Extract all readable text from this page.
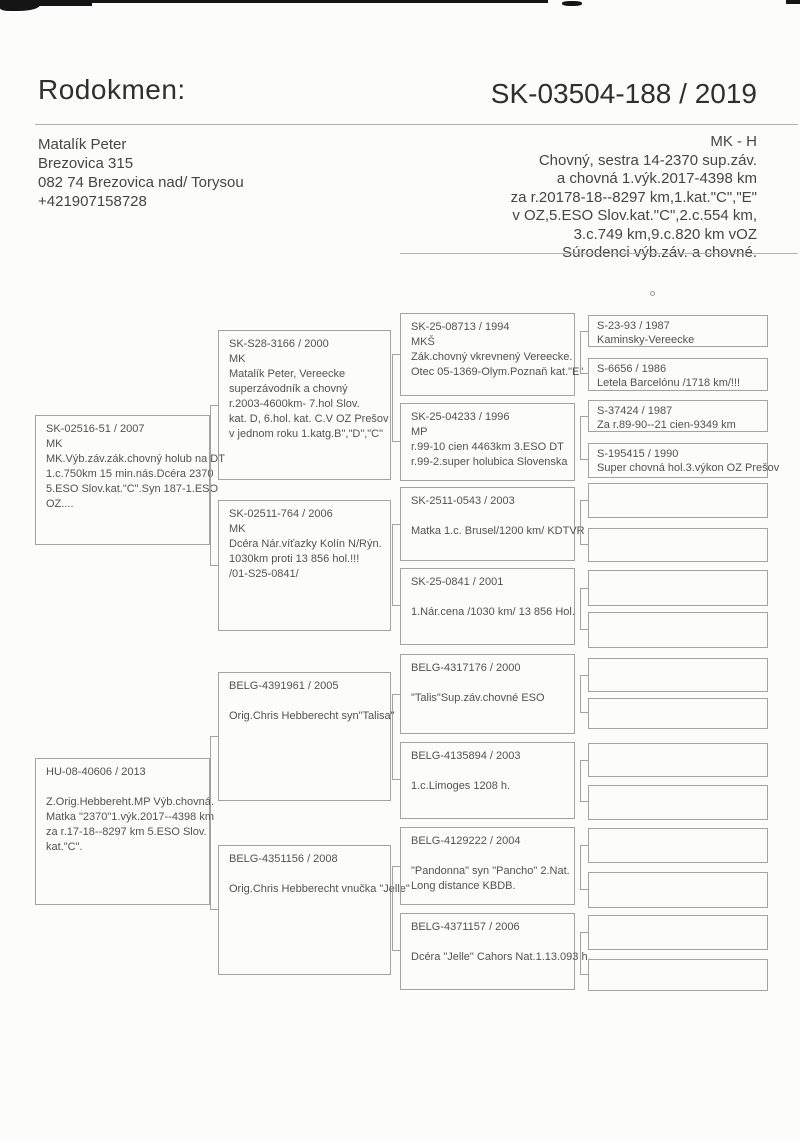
Rodokmen:	SK-03504-188 / 2019
Matalík Peter
Brezovica 315
082 74 Brezovica nad/ Torysou
+421907158728
MK - H
Chovný, sestra 14-2370 sup.záv.
a chovná 1.výk.2017-4398 km
za r.20178-18--8297 km,1.kat."C","E"
v OZ,5.ESO Slov.kat."C",2.c.554 km,
3.c.749 km,9.c.820 km vOZ
Súrodenci výb.záv. a chovné.
SK-02516-51 / 2007
MK
MK.Výb.záv.zák.chovný holub na DT
1.c.750km 15 min.nás.Dcéra 2370
5.ESO Slov.kat."C".Syn 187-1.ESO
OZ....
HU-08-40606 / 2013

Z.Orig.Hebbereht.MP Výb.chovná.
Matka "2370"1.výk.2017--4398 km
za r.17-18--8297 km 5.ESO Slov.
kat."C".
SK-S28-3166 / 2000
MK
Matalík Peter, Vereecke
superzávodník a chovný
r.2003-4600km- 7.hol Slov.
kat. D, 6.hol. kat. C.V OZ Prešov
v jednom roku 1.katg.B","D","C"
SK-02511-764 / 2006
MK
Dcéra Nár.víťazky Kolín N/Rýn.
1030km proti 13 856 hol.!!!
/01-S25-0841/
BELG-4391961 / 2005

Orig.Chris Hebberecht syn"Talisa"
BELG-4351156 / 2008

Orig.Chris Hebberecht vnučka "Jelle"
SK-25-08713 / 1994
MKŠ
Zák.chovný vkrevnený Vereecke.
Otec 05-1369-Olym.Poznaň kat."E"
SK-25-04233 / 1996
MP
r.99-10 cien 4463km 3.ESO DT
r.99-2.super holubica Slovenska
SK-2511-0543 / 2003

Matka 1.c. Brusel/1200 km/ KDTVR
SK-25-0841 / 2001

1.Nár.cena /1030 km/ 13 856 Hol.
BELG-4317176 / 2000

"Talis"Sup.záv.chovné ESO
BELG-4135894 / 2003

1.c.Limoges 1208 h.
BELG-4129222 / 2004

"Pandonna" syn "Pancho" 2.Nat.
Long distance KBDB.
BELG-4371157 / 2006

Dcéra "Jelle" Cahors Nat.1.13.093 h.
S-23-93 / 1987
Kaminsky-Vereecke
S-6656 / 1986
Letela Barcelónu /1718 km/!!!
S-37424 / 1987
Za r.89-90--21 cien-9349 km
S-195415 / 1990
Super chovná hol.3.výkon OZ Prešov
